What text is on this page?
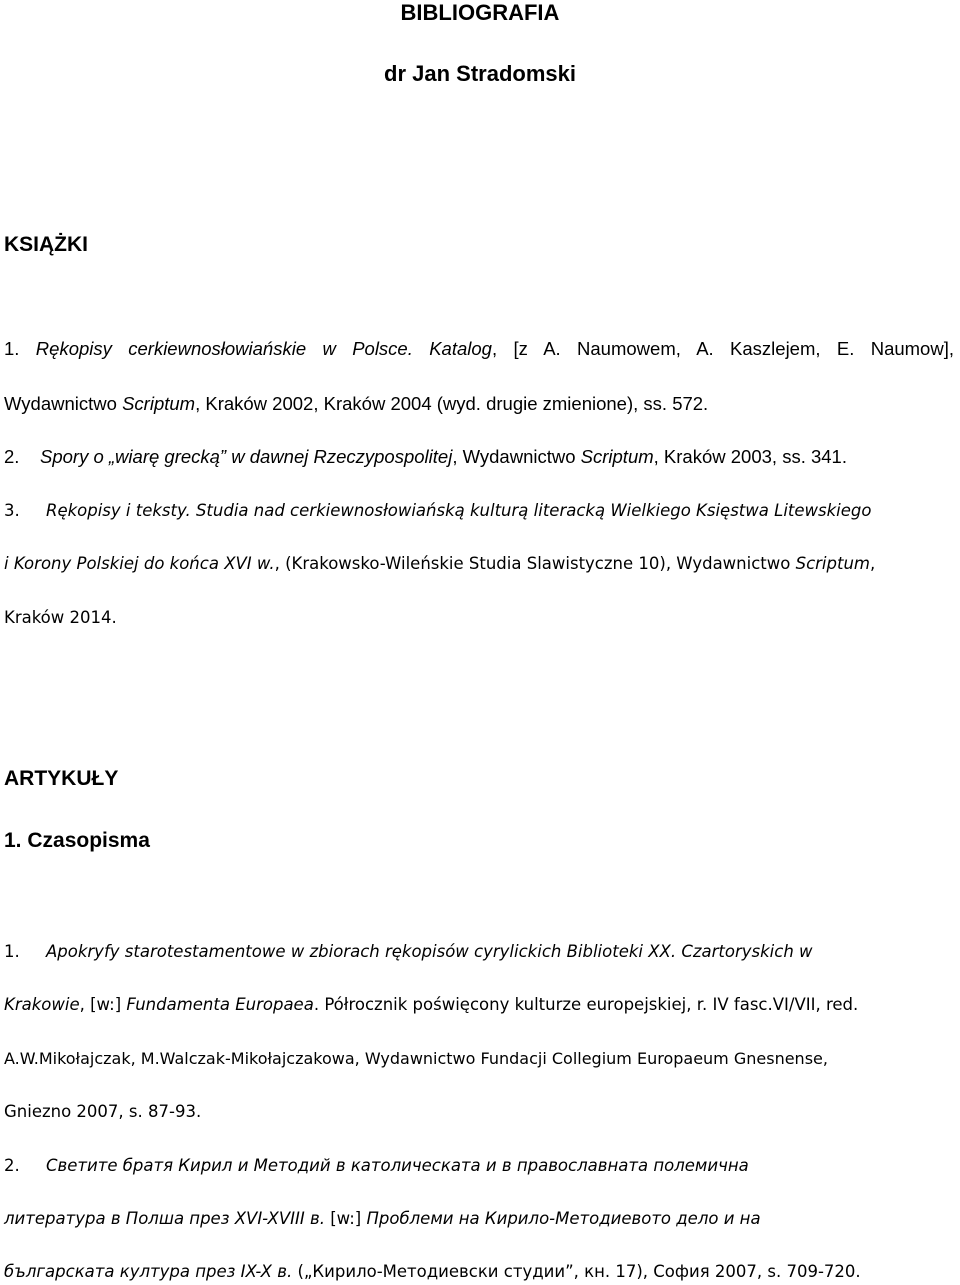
BIBLIOGRAFIA
dr Jan Stradomski
KSIĄŻKI
1. Rękopisy cerkiewnosłowiańskie w Polsce. Katalog, [z A. Naumowem, A. Kaszlejem, E. Naumow],
Wydawnictwo Scriptum, Kraków 2002, Kraków 2004 (wyd. drugie zmienione), ss. 572.
2. Spory o „wiarę grecką” w dawnej Rzeczypospolitej, Wydawnictwo Scriptum, Kraków 2003, ss. 341.
3. Rękopisy i teksty. Studia nad cerkiewnosłowiańską kulturą literacką Wielkiego Księstwa Litewskiego
i Korony Polskiej do końca XVI w., (Krakowsko-Wileńskie Studia Slawistyczne 10), Wydawnictwo Scriptum,
Kraków 2014.
ARTYKUŁY
1. Czasopisma
1. Apokryfy starotestamentowe w zbiorach rękopisów cyrylickich Biblioteki XX. Czartoryskich w
Krakowie, [w:] Fundamenta Europaea. Półrocznik poświęcony kulturze europejskiej, r. IV fasc.VI/VII, red.
A.W.Mikołajczak, M.Walczak-Mikołajczakowa, Wydawnictwo Fundacji Collegium Europaeum Gnesnense,
Gniezno 2007, s. 87-93.
2. Светите братя Кирил и Методий в католическата и в православната полемична
литература в Полша през XVI-XVIII в. [w:] Проблеми на Кирило-Методиевото дело и на
българската култура през IX-X в. („Кирило-Методиевски студии”, кн. 17), София 2007, s. 709-720.
